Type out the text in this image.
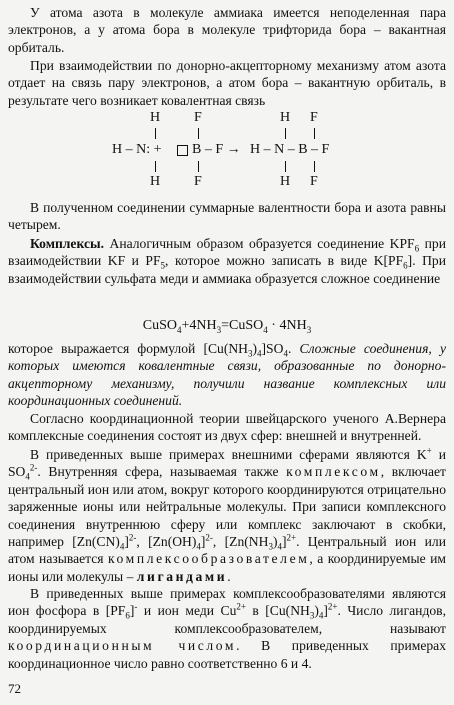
У атома азота в молекуле аммиака имеется неподеленная пара электронов, а у атома бора в молекуле трифторида бора – вакантная орбиталь.

При взаимодействии по донорно-акцепторному механизму атом азота отдает на связь пару электронов, а атом бора – вакантную орбиталь, в результате чего возникает ковалентная связь

H F	H F
H – N: + B – F → H – N – B – F
H F	H F

В полученном соединении суммарные валентности бора и азота равны четырем.

Комплексы. Аналогичным образом образуется соединение $KPF_6$ при взаимодействии KF и $PF_5$, которое можно записать в виде $K[PF_6]$. При взаимодействии сульфата меди и аммиака образуется сложное соединение

$CuSO_4+4NH_3=CuSO_4 \cdot 4NH_3$

которое выражается формулой $[Cu(NH_3)_4]SO_4$. Сложные соединения, у которых имеются ковалентные связи, образованные по донорно-акцепторному механизму, получили название комплексных или координационных соединений.

Согласно координационной теории швейцарского ученого А.Вернера комплексные соединения состоят из двух сфер: внешней и внутренней.

В приведенных выше примерах внешними сферами являются K+ и $SO_4^{2-}$. Внутренняя сфера, называемая также комплексом, включает центральный ион или атом, вокруг которого координируются отрицательно заряженные ионы или нейтральные молекулы. При записи комплексного соединения внутреннюю сферу или комплекс заключают в скобки, например $[Zn(CN)_4]^{2-}$, $[Zn(OH)_4]^{2-}$, $[Zn(NH_3)_4]^{2+}$. Центральный ион или атом называется комплексообразователем, а координируемые им ионы или молекулы – лигандами.

В приведенных выше примерах комплексообразователями являются ион фосфора в $[PF_6]^-$ и ион меди $Cu^{2+}$ в $[Cu(NH_3)_4]^{2+}$. Число лигандов, координируемых комплексообразователем, называют координационным числом. В приведенных примерах координационное число равно соответственно 6 и 4.

72
